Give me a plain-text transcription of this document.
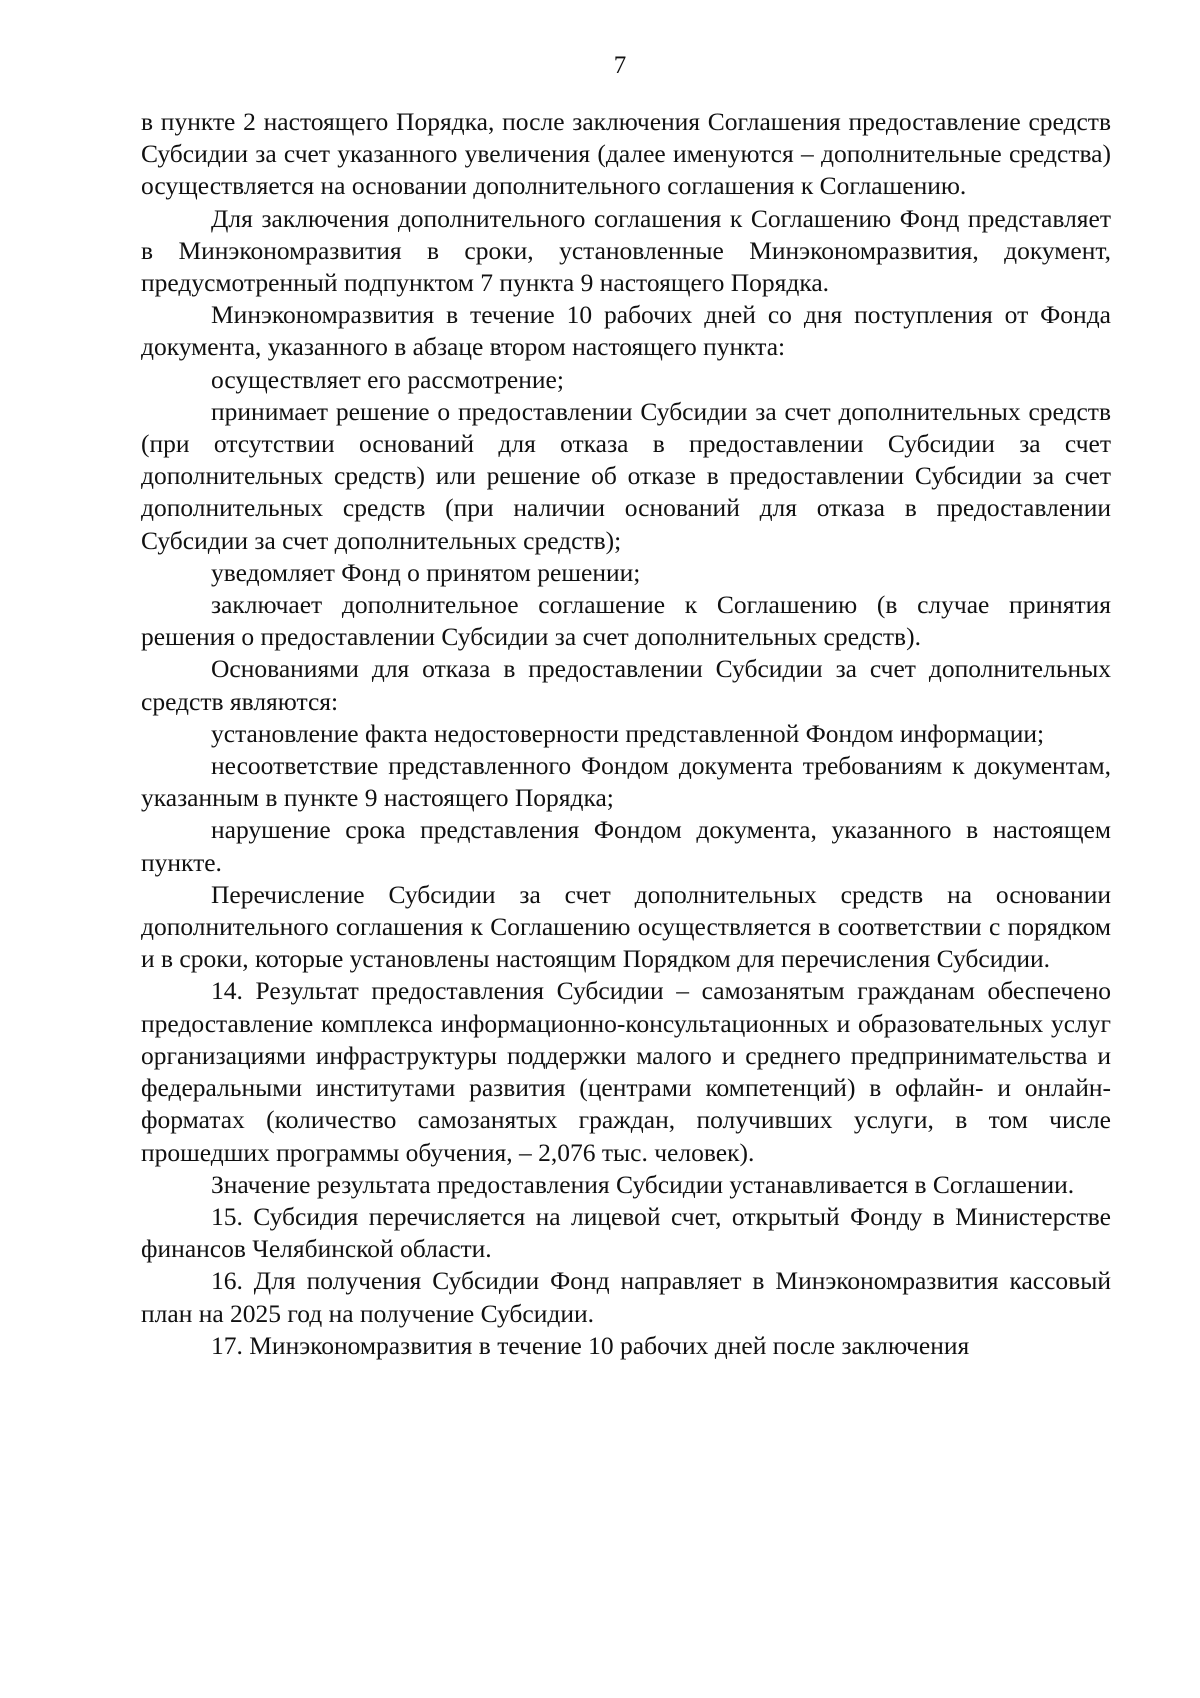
7

в пункте 2 настоящего Порядка, после заключения Соглашения предоставление средств Субсидии за счет указанного увеличения (далее именуются – дополнительные средства) осуществляется на основании дополнительного соглашения к Соглашению.

Для заключения дополнительного соглашения к Соглашению Фонд представляет в Минэкономразвития в сроки, установленные Минэкономразвития, документ, предусмотренный подпунктом 7 пункта 9 настоящего Порядка.

Минэкономразвития в течение 10 рабочих дней со дня поступления от Фонда документа, указанного в абзаце втором настоящего пункта:

осуществляет его рассмотрение;

принимает решение о предоставлении Субсидии за счет дополнительных средств (при отсутствии оснований для отказа в предоставлении Субсидии за счет дополнительных средств) или решение об отказе в предоставлении Субсидии за счет дополнительных средств (при наличии оснований для отказа в предоставлении Субсидии за счет дополнительных средств);

уведомляет Фонд о принятом решении;

заключает дополнительное соглашение к Соглашению (в случае принятия решения о предоставлении Субсидии за счет дополнительных средств).

Основаниями для отказа в предоставлении Субсидии за счет дополнительных средств являются:

установление факта недостоверности представленной Фондом информации;

несоответствие представленного Фондом документа требованиям к документам, указанным в пункте 9 настоящего Порядка;

нарушение срока представления Фондом документа, указанного в настоящем пункте.

Перечисление Субсидии за счет дополнительных средств на основании дополнительного соглашения к Соглашению осуществляется в соответствии с порядком и в сроки, которые установлены настоящим Порядком для перечисления Субсидии.

14. Результат предоставления Субсидии – самозанятым гражданам обеспечено предоставление комплекса информационно-консультационных и образовательных услуг организациями инфраструктуры поддержки малого и среднего предпринимательства и федеральными институтами развития (центрами компетенций) в офлайн- и онлайн-форматах (количество самозанятых граждан, получивших услуги, в том числе прошедших программы обучения, – 2,076 тыс. человек).

Значение результата предоставления Субсидии устанавливается в Соглашении.

15. Субсидия перечисляется на лицевой счет, открытый Фонду в Министерстве финансов Челябинской области.

16. Для получения Субсидии Фонд направляет в Минэкономразвития кассовый план на 2025 год на получение Субсидии.

17. Минэкономразвития в течение 10 рабочих дней после заключения
